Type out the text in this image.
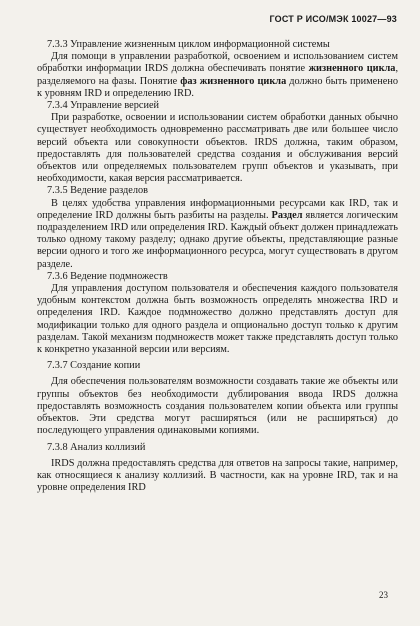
ГОСТ Р ИСО/МЭК 10027—93

7.3.3 Управление жизненным циклом информационной системы

Для помощи в управлении разработкой, освоением и использованием систем обработки информации IRDS должна обеспечивать понятие жизненного цикла, разделяемого на фазы. Понятие фаз жизненного цикла должно быть применено к уровням IRD и определению IRD.

7.3.4 Управление версией

При разработке, освоении и использовании систем обработки данных обычно существует необходимость одновременно рассматривать две или большее число версий объекта или совокупности объектов. IRDS должна, таким образом, предоставлять для пользователей средства создания и обслуживания версий объектов или определяемых пользователем групп объектов и указывать, при необходимости, какая версия рассматривается.

7.3.5 Ведение разделов

В целях удобства управления информационными ресурсами как IRD, так и определение IRD должны быть разбиты на разделы. Раздел является логическим подразделением IRD или определения IRD. Каждый объект должен принадлежать только одному такому разделу; однако другие объекты, представляющие разные версии одного и того же информационного ресурса, могут существовать в другом разделе.

7.3.6 Ведение подмножеств

Для управления доступом пользователя и обеспечения каждого пользователя удобным контекстом должна быть возможность определять множества IRD и определения IRD. Каждое подмножество должно представлять доступ для модификации только для одного раздела и опционально доступ только к другим разделам. Такой механизм подмножеств может также представлять доступ только к конкретно указанной версии или версиям.

7.3.7 Создание копии

Для обеспечения пользователям возможности создавать такие же объекты или группы объектов без необходимости дублирования ввода IRDS должна предоставлять возможность создания пользователем копии объекта или группы объектов. Эти средства могут расширяться (или не расширяться) до последующего управления одинаковыми копиями.

7.3.8 Анализ коллизий

IRDS должна предоставлять средства для ответов на запросы такие, например, как относящиеся к анализу коллизий. В частности, как на уровне IRD, так и на уровне определения IRD

23
